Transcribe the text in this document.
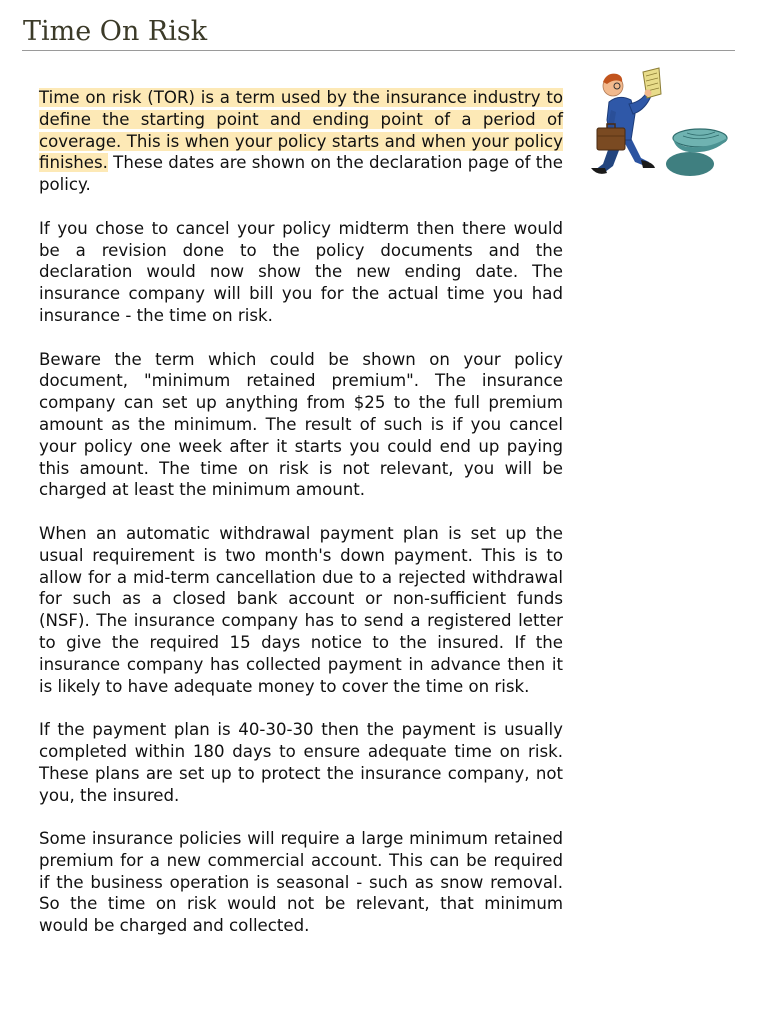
Time On Risk

Time on risk (TOR) is a term used by the insurance industry to define the starting point and ending point of a period of coverage. This is when your policy starts and when your policy finishes. These dates are shown on the declaration page of the policy.

If you chose to cancel your policy midterm then there would be a revision done to the policy documents and the declaration would now show the new ending date. The insurance company will bill you for the actual time you had insurance - the time on risk.

Beware the term which could be shown on your policy document, "minimum retained premium". The insurance company can set up anything from $25 to the full premium amount as the minimum. The result of such is if you cancel your policy one week after it starts you could end up paying this amount. The time on risk is not relevant, you will be charged at least the minimum amount.

When an automatic withdrawal payment plan is set up the usual requirement is two month's down payment. This is to allow for a mid-term cancellation due to a rejected withdrawal for such as a closed bank account or non-sufficient funds (NSF). The insurance company has to send a registered letter to give the required 15 days notice to the insured. If the insurance company has collected payment in advance then it is likely to have adequate money to cover the time on risk.

If the payment plan is 40-30-30 then the payment is usually completed within 180 days to ensure adequate time on risk. These plans are set up to protect the insurance company, not you, the insured.

Some insurance policies will require a large minimum retained premium for a new commercial account. This can be required if the business operation is seasonal - such as snow removal. So the time on risk would not be relevant, that minimum would be charged and collected.
